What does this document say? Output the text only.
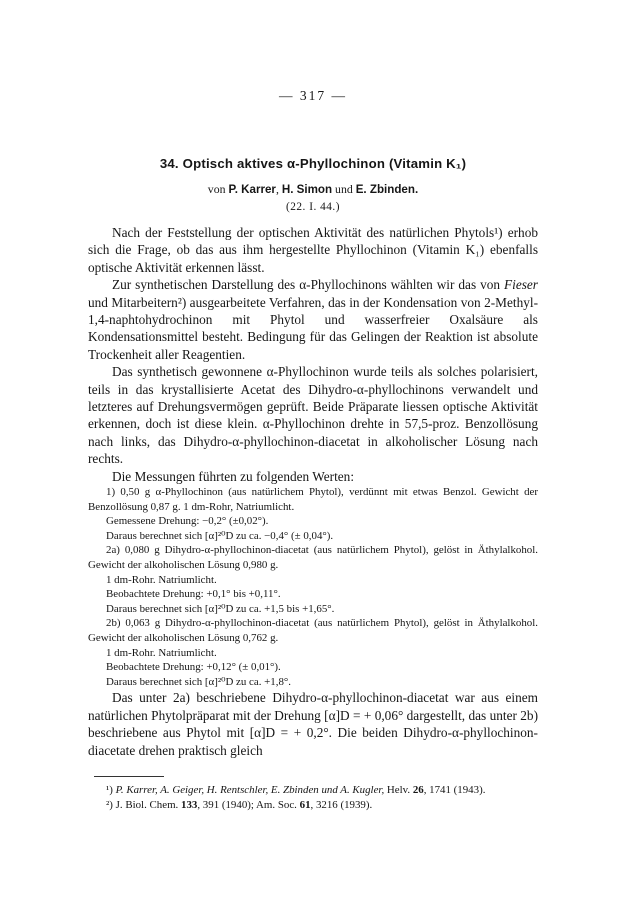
— 317 —
34. Optisch aktives α-Phyllochinon (Vitamin K₁)
von P. Karrer, H. Simon und E. Zbinden.
(22. I. 44.)

Nach der Feststellung der optischen Aktivität des natürlichen Phytols¹) erhob sich die Frage, ob das aus ihm hergestellte Phyllochinon (Vitamin K₁) ebenfalls optische Aktivität erkennen lässt.

Zur synthetischen Darstellung des α-Phyllochinons wählten wir das von Fieser und Mitarbeitern²) ausgearbeitete Verfahren, das in der Kondensation von 2-Methyl-1,4-naphtohydrochinon mit Phytol und wasserfreier Oxalsäure als Kondensationsmittel besteht. Bedingung für das Gelingen der Reaktion ist absolute Trockenheit aller Reagentien.

Das synthetisch gewonnene α-Phyllochinon wurde teils als solches polarisiert, teils in das krystallisierte Acetat des Dihydro-α-phyllochinons verwandelt und letzteres auf Drehungsvermögen geprüft. Beide Präparate liessen optische Aktivität erkennen, doch ist diese klein. α-Phyllochinon drehte in 57,5-proz. Benzollösung nach links, das Dihydro-α-phyllochinon-diacetat in alkoholischer Lösung nach rechts.

Die Messungen führten zu folgenden Werten:

1) 0,50 g α-Phyllochinon (aus natürlichem Phytol), verdünnt mit etwas Benzol. Gewicht der Benzollösung 0,87 g. 1 dm-Rohr, Natriumlicht.

Gemessene Drehung: −0,2° (±0,02°).
Daraus berechnet sich [α]²⁰D zu ca. −0,4° (± 0,04°).

2a) 0,080 g Dihydro-α-phyllochinon-diacetat (aus natürlichem Phytol), gelöst in Äthylalkohol. Gewicht der alkoholischen Lösung 0,980 g.

1 dm-Rohr. Natriumlicht.
Beobachtete Drehung: +0,1° bis +0,11°.
Daraus berechnet sich [α]²⁰D zu ca. +1,5 bis +1,65°.

2b) 0,063 g Dihydro-α-phyllochinon-diacetat (aus natürlichem Phytol), gelöst in Äthylalkohol. Gewicht der alkoholischen Lösung 0,762 g.

1 dm-Rohr. Natriumlicht.
Beobachtete Drehung: +0,12° (± 0,01°).
Daraus berechnet sich [α]²⁰D zu ca. +1,8°.

Das unter 2a) beschriebene Dihydro-α-phyllochinon-diacetat war aus einem natürlichen Phytolpräparat mit der Drehung [α]D = + 0,06° dargestellt, das unter 2b) beschriebene aus Phytol mit [α]D = + 0,2°. Die beiden Dihydro-α-phyllochinon-diacetate drehen praktisch gleich

¹) P. Karrer, A. Geiger, H. Rentschler, E. Zbinden und A. Kugler, Helv. 26, 1741 (1943).

²) J. Biol. Chem. 133, 391 (1940); Am. Soc. 61, 3216 (1939).
